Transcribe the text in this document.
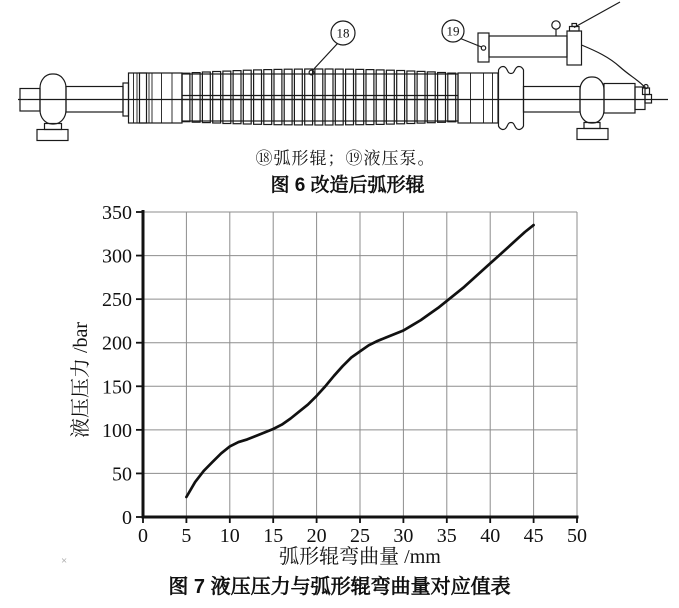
18	19
⑱弧形辊；⑲液压泵。
图 6 改造后弧形辊
0 5 10 15 20 25 30 35 40 45 50
0
50
100
150
200
250
300
350
弧形辊弯曲量 /mm
液压压力 /bar
图 7 液压压力与弧形辊弯曲量对应值表
×
